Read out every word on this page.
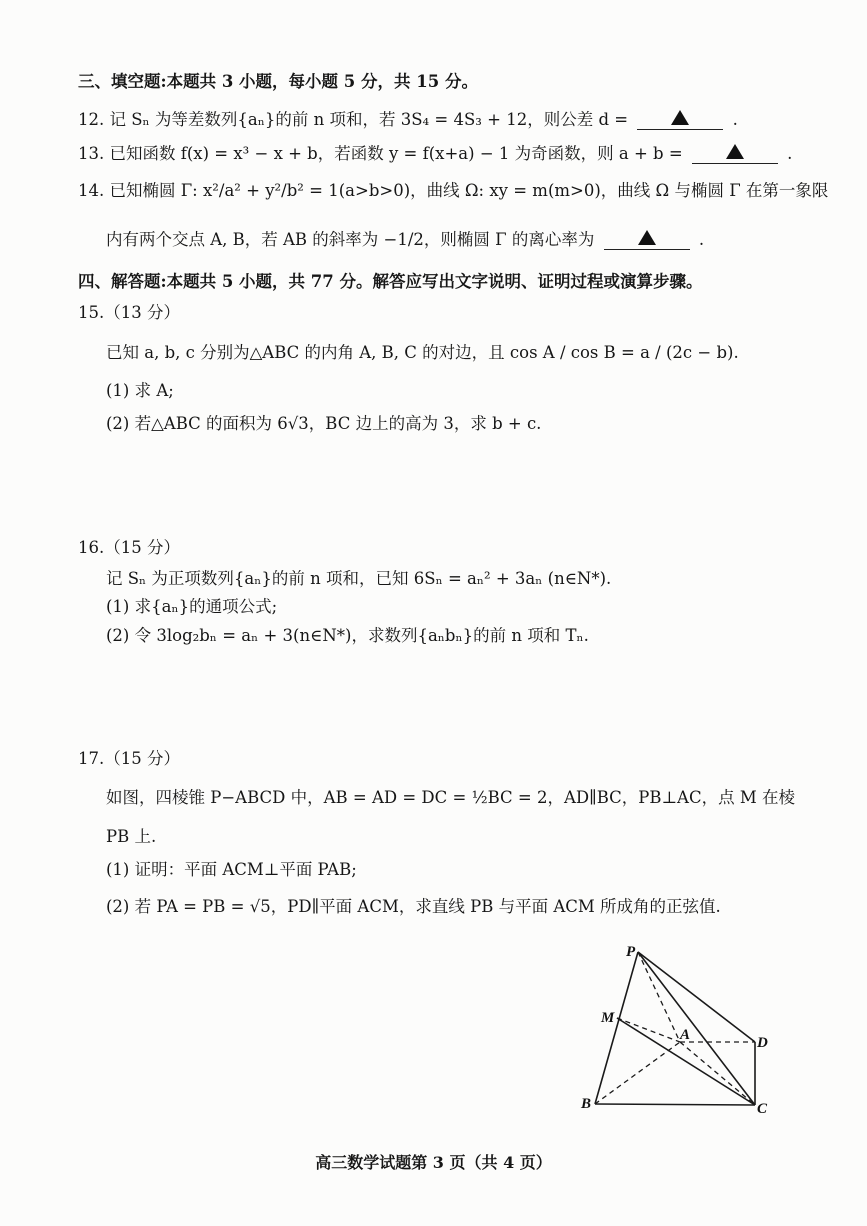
三、填空题:本题共 3 小题，每小题 5 分，共 15 分。
12. 记 Sₙ 为等差数列{aₙ}的前 n 项和，若 3S₄ = 4S₃ + 12，则公差 d =	.
13. 已知函数 f(x) = x³ − x + b，若函数 y = f(x+a) − 1 为奇函数，则 a + b =	.
14. 已知椭圆 Γ: x²/a² + y²/b² = 1(a>b>0)，曲线 Ω: xy = m(m>0)，曲线 Ω 与椭圆 Γ 在第一象限
内有两个交点 A, B，若 AB 的斜率为 −1/2，则椭圆 Γ 的离心率为	.
四、解答题:本题共 5 小题，共 77 分。解答应写出文字说明、证明过程或演算步骤。
15.（13 分）
已知 a, b, c 分别为△ABC 的内角 A, B, C 的对边，且 cos A / cos B = a / (2c − b).
(1) 求 A;
(2) 若△ABC 的面积为 6√3，BC 边上的高为 3，求 b + c.
16.（15 分）
记 Sₙ 为正项数列{aₙ}的前 n 项和，已知 6Sₙ = aₙ² + 3aₙ (n∈N*).
(1) 求{aₙ}的通项公式;
(2) 令 3log₂bₙ = aₙ + 3(n∈N*)，求数列{aₙbₙ}的前 n 项和 Tₙ.
17.（15 分）
如图，四棱锥 P−ABCD 中，AB = AD = DC = ½BC = 2，AD∥BC，PB⊥AC，点 M 在棱
PB 上.
(1) 证明：平面 ACM⊥平面 PAB;
(2) 若 PA = PB = √5，PD∥平面 ACM，求直线 PB 与平面 ACM 所成角的正弦值.
P
M
A	D
B	C
高三数学试题第 3 页（共 4 页）
